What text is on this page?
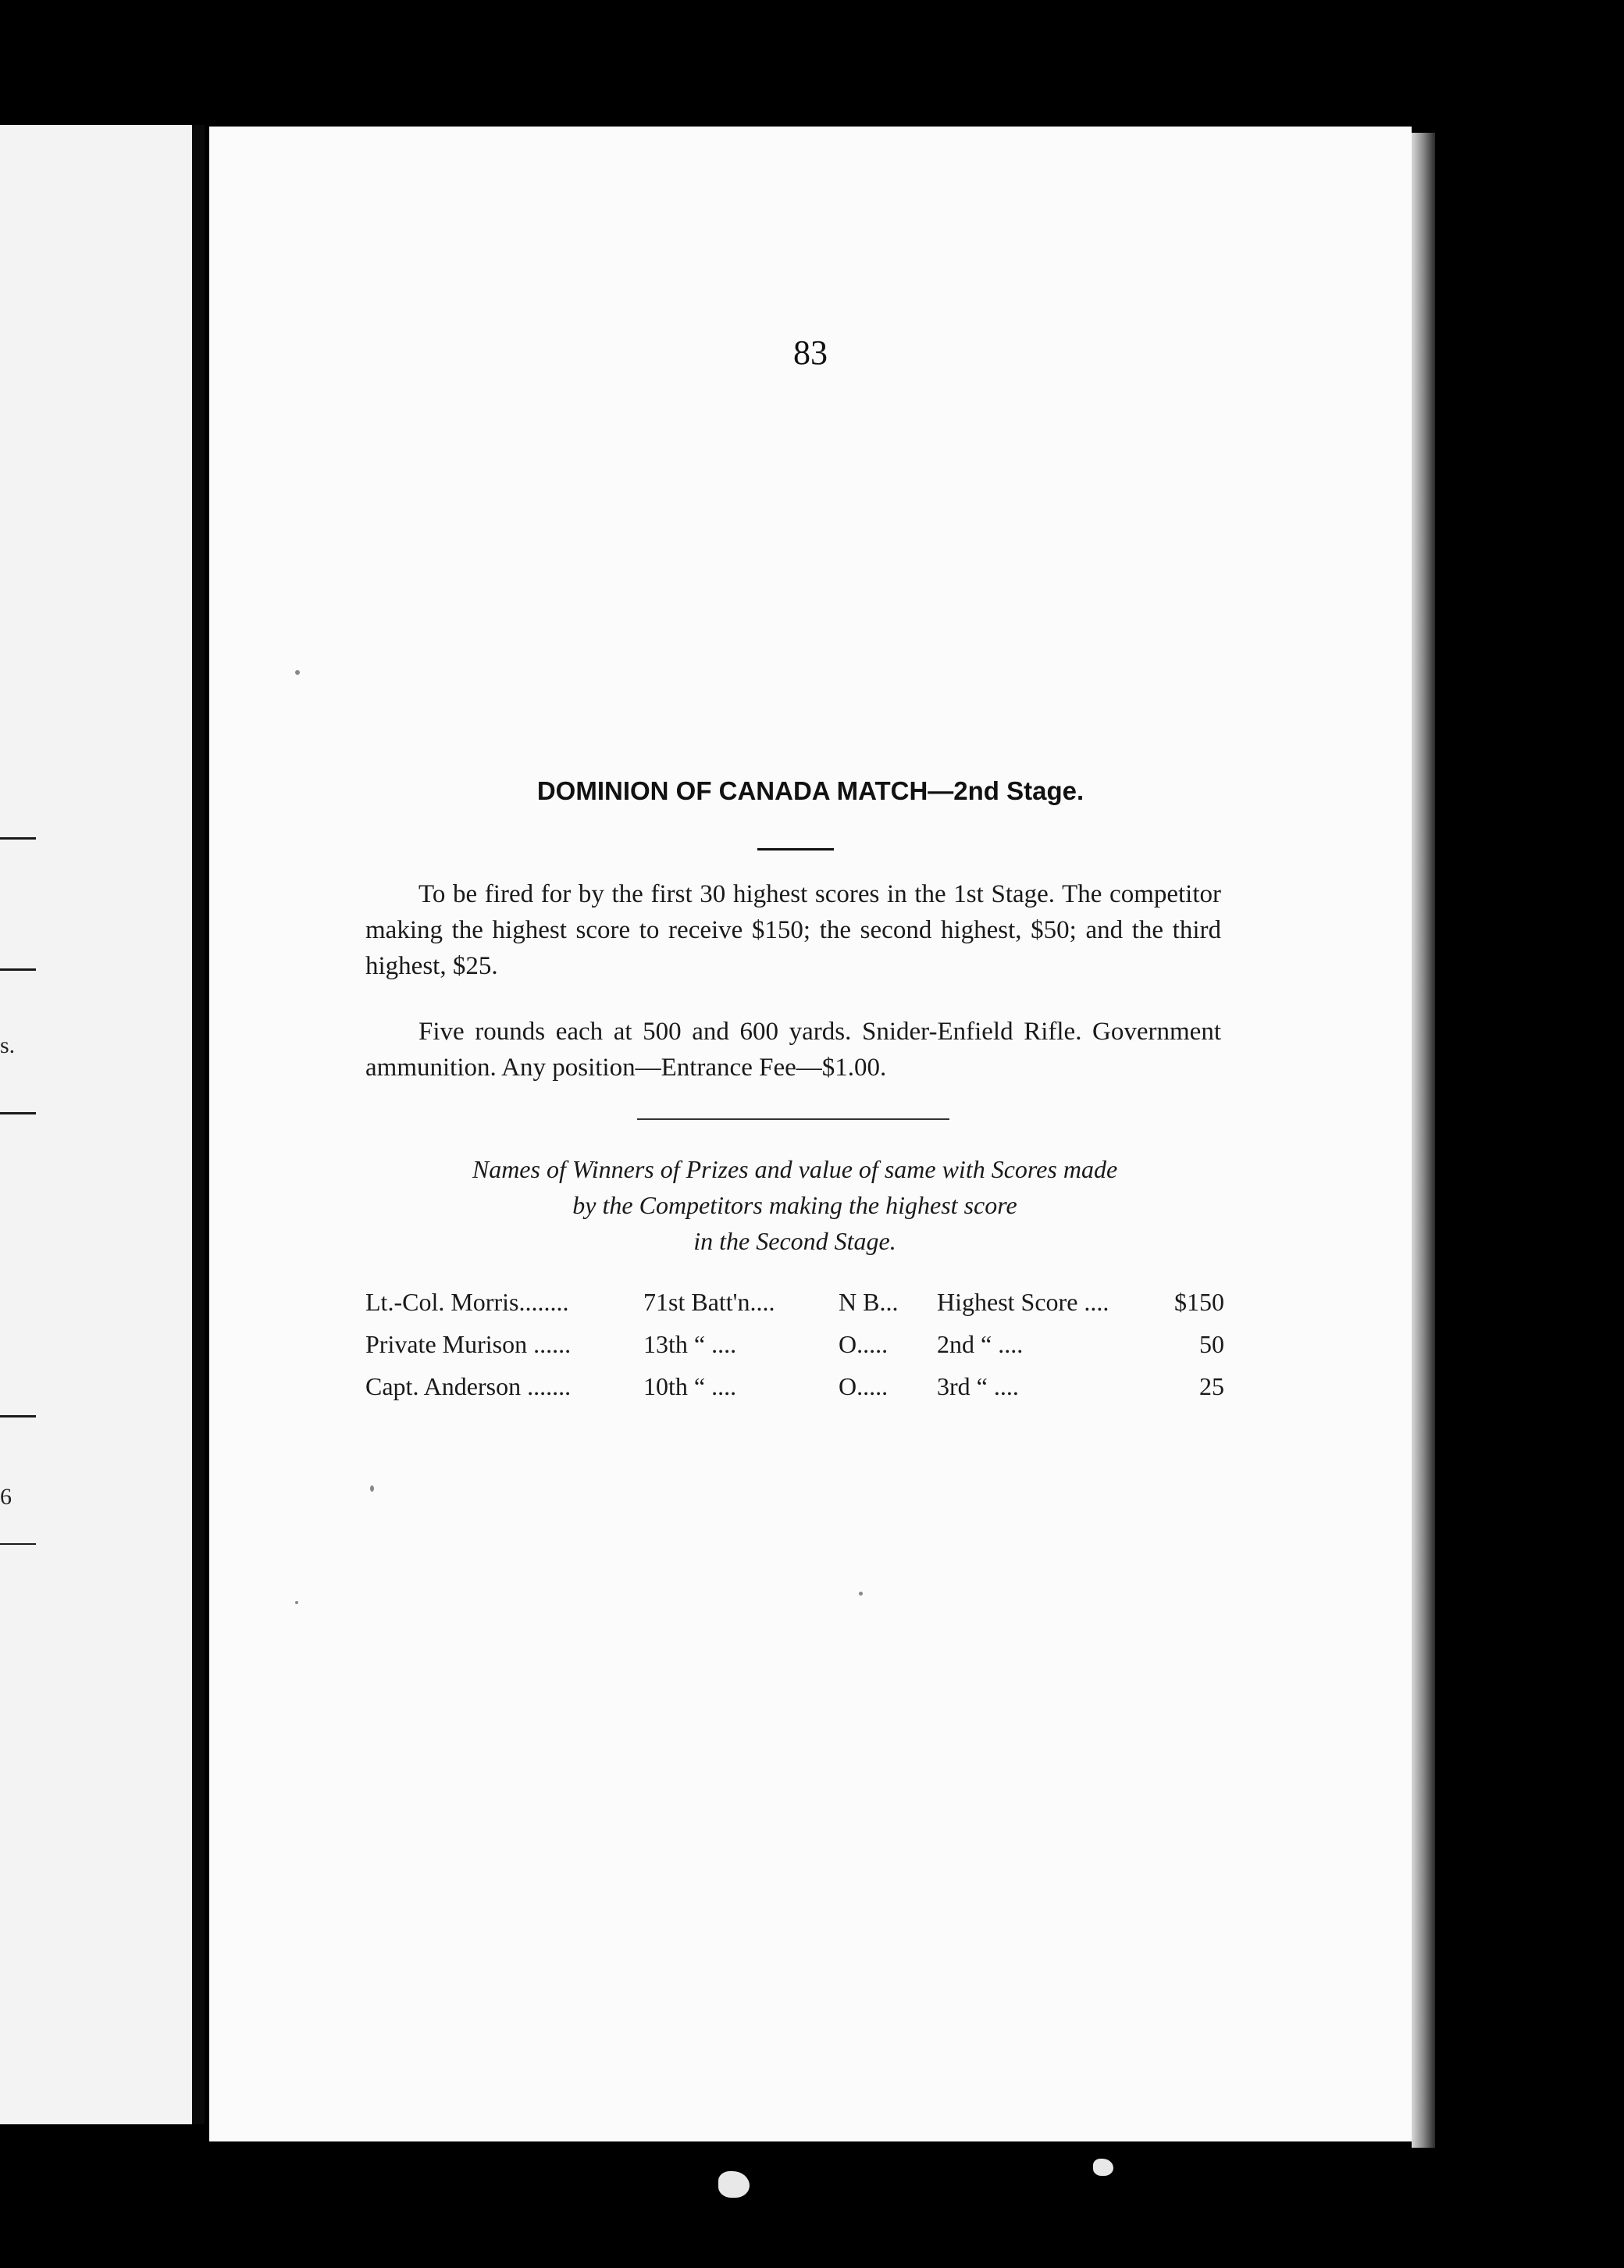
s.
6
83
DOMINION OF CANADA MATCH—2nd Stage.

To be fired for by the first 30 highest scores in the 1st Stage. The competitor making the highest score to receive $150; the second highest, $50; and the third highest, $25.

Five rounds each at 500 and 600 yards. Snider-Enfield Rifle. Government ammunition. Any position—Entrance Fee—$1.00.

Names of Winners of Prizes and value of same with Scores made
by the Competitors making the highest score
in the Second Stage.

Lt.-Col. Morris........	71st Batt'n....	N B...	Highest Score ....	$150
Private Murison ......	13th “ ....	O.....	2nd “ ....	50
Capt. Anderson .......	10th “ ....	O.....	3rd “ ....	25
